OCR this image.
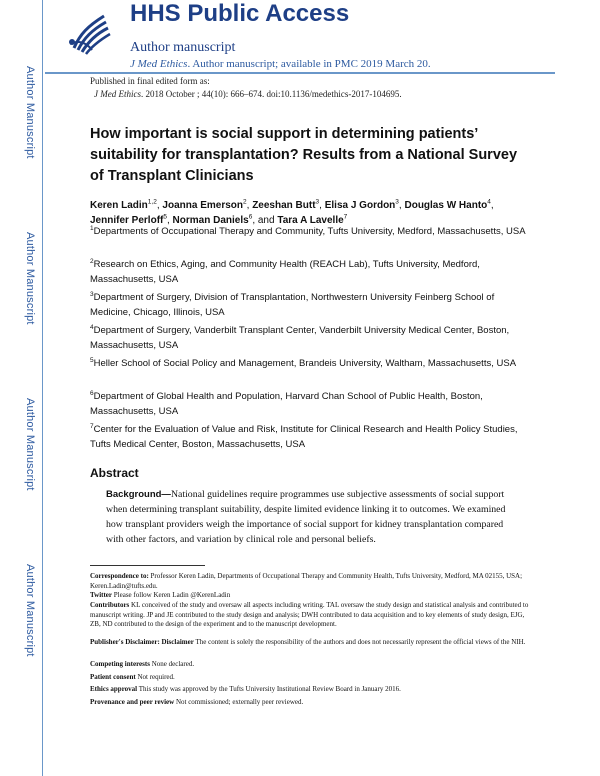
Author Manuscript
Author Manuscript
Author Manuscript
Author Manuscript
HHS Public Access
Author manuscript
J Med Ethics. Author manuscript; available in PMC 2019 March 20.
Published in final edited form as:
J Med Ethics. 2018 October ; 44(10): 666–674. doi:10.1136/medethics-2017-104695.
How important is social support in determining patients’ suitability for transplantation? Results from a National Survey of Transplant Clinicians
Keren Ladin$^{1,2}$, Joanna Emerson$^2$, Zeeshan Butt$^3$, Elisa J Gordon$^3$, Douglas W Hanto$^4$, Jennifer Perloff$^5$, Norman Daniels$^6$, and Tara A Lavelle$^7$
$^1$Departments of Occupational Therapy and Community, Tufts University, Medford, Massachusetts, USA
$^2$Research on Ethics, Aging, and Community Health (REACH Lab), Tufts University, Medford, Massachusetts, USA
$^3$Department of Surgery, Division of Transplantation, Northwestern University Feinberg School of Medicine, Chicago, Illinois, USA
$^4$Department of Surgery, Vanderbilt Transplant Center, Vanderbilt University Medical Center, Boston, Massachusetts, USA
$^5$Heller School of Social Policy and Management, Brandeis University, Waltham, Massachusetts, USA
$^6$Department of Global Health and Population, Harvard Chan School of Public Health, Boston, Massachusetts, USA
$^7$Center for the Evaluation of Value and Risk, Institute for Clinical Research and Health Policy Studies, Tufts Medical Center, Boston, Massachusetts, USA
Abstract
Background—National guidelines require programmes use subjective assessments of social support when determining transplant suitability, despite limited evidence linking it to outcomes. We examined how transplant providers weigh the importance of social support for kidney transplantation compared with other factors, and variation by clinical role and personal beliefs.
Correspondence to: Professor Keren Ladin, Departments of Occupational Therapy and Community Health, Tufts University, Medford, MA 02155, USA; Keren.Ladin@tufts.edu.
Twitter Please follow Keren Ladin @KerenLadin
Contributors KL conceived of the study and oversaw all aspects including writing. TAL oversaw the study design and statistical analysis and contributed to manuscript writing. JP and JE contributed to the study design and analysis; DWH contributed to data acquisition and to key elements of study design, EJG, ZB, ND contributed to the design of the experiment and to the manuscript development.
Publisher's Disclaimer: Disclaimer The content is solely the responsibility of the authors and does not necessarily represent the official views of the NIH.
Competing interests None declared.
Patient consent Not required.
Ethics approval This study was approved by the Tufts University Institutional Review Board in January 2016.
Provenance and peer review Not commissioned; externally peer reviewed.
